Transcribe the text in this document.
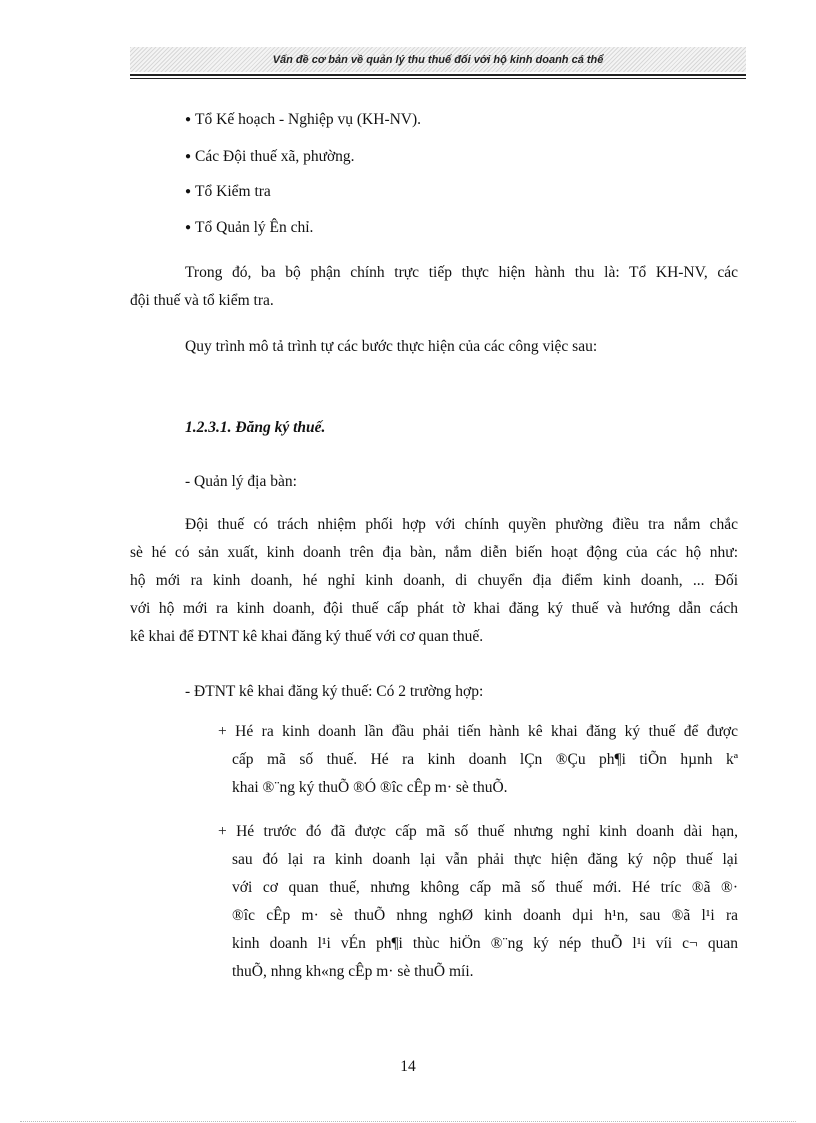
Vấn đề cơ bản về quản lý thu thuế đối với hộ kinh doanh cá thể
● Tổ Kế hoạch - Nghiệp vụ (KH-NV).
● Các Đội thuế xã, phường.
● Tổ Kiểm tra
● Tổ Quản lý Ên chỉ.
Trong đó, ba bộ phận chính trực tiếp thực hiện hành thu là: Tổ KH-NV, các
đội thuế và tổ kiểm tra.
Quy trình mô tả trình tự các bước thực hiện của các công việc sau:
1.2.3.1. Đăng ký thuế.
- Quản lý địa bàn:
Đội thuế có trách nhiệm phối hợp với chính quyền phường điều tra nắm chắc
sè hé có sản xuất, kinh doanh trên địa bàn, nắm diễn biến hoạt động của các hộ như:
hộ mới ra kinh doanh, hé nghỉ kinh doanh, di chuyển địa điểm kinh doanh, ... Đối
với hộ mới ra kinh doanh, đội thuế cấp phát tờ khai đăng ký thuế và hướng dẫn cách
kê khai để ĐTNT kê khai đăng ký thuế với cơ quan thuế.
- ĐTNT kê khai đăng ký thuế: Có 2 trường hợp:
+ Hé ra kinh doanh lần đầu phải tiến hành kê khai đăng ký thuế để được
cấp mã số thuế. Hé ra kinh doanh lÇn ®Çu ph¶i tiÕn hµnh kª
khai ®¨ng ký thuÕ ®Ó ®îc cÊp m· sè thuÕ.
+ Hé trước đó đã được cấp mã số thuế nhưng nghỉ kinh doanh dài hạn,
sau đó lại ra kinh doanh lại vẫn phải thực hiện đăng ký nộp thuế lại
với cơ quan thuế, nhưng không cấp mã số thuế mới. Hé tríc ®ã ®·
®îc cÊp m· sè thuÕ nhng nghØ kinh doanh dµi h¹n, sau ®ã l¹i ra
kinh doanh l¹i vÉn ph¶i thùc hiÖn ®¨ng ký nép thuÕ l¹i víi c¬ quan
thuÕ, nhng kh«ng cÊp m· sè thuÕ míi.
14
